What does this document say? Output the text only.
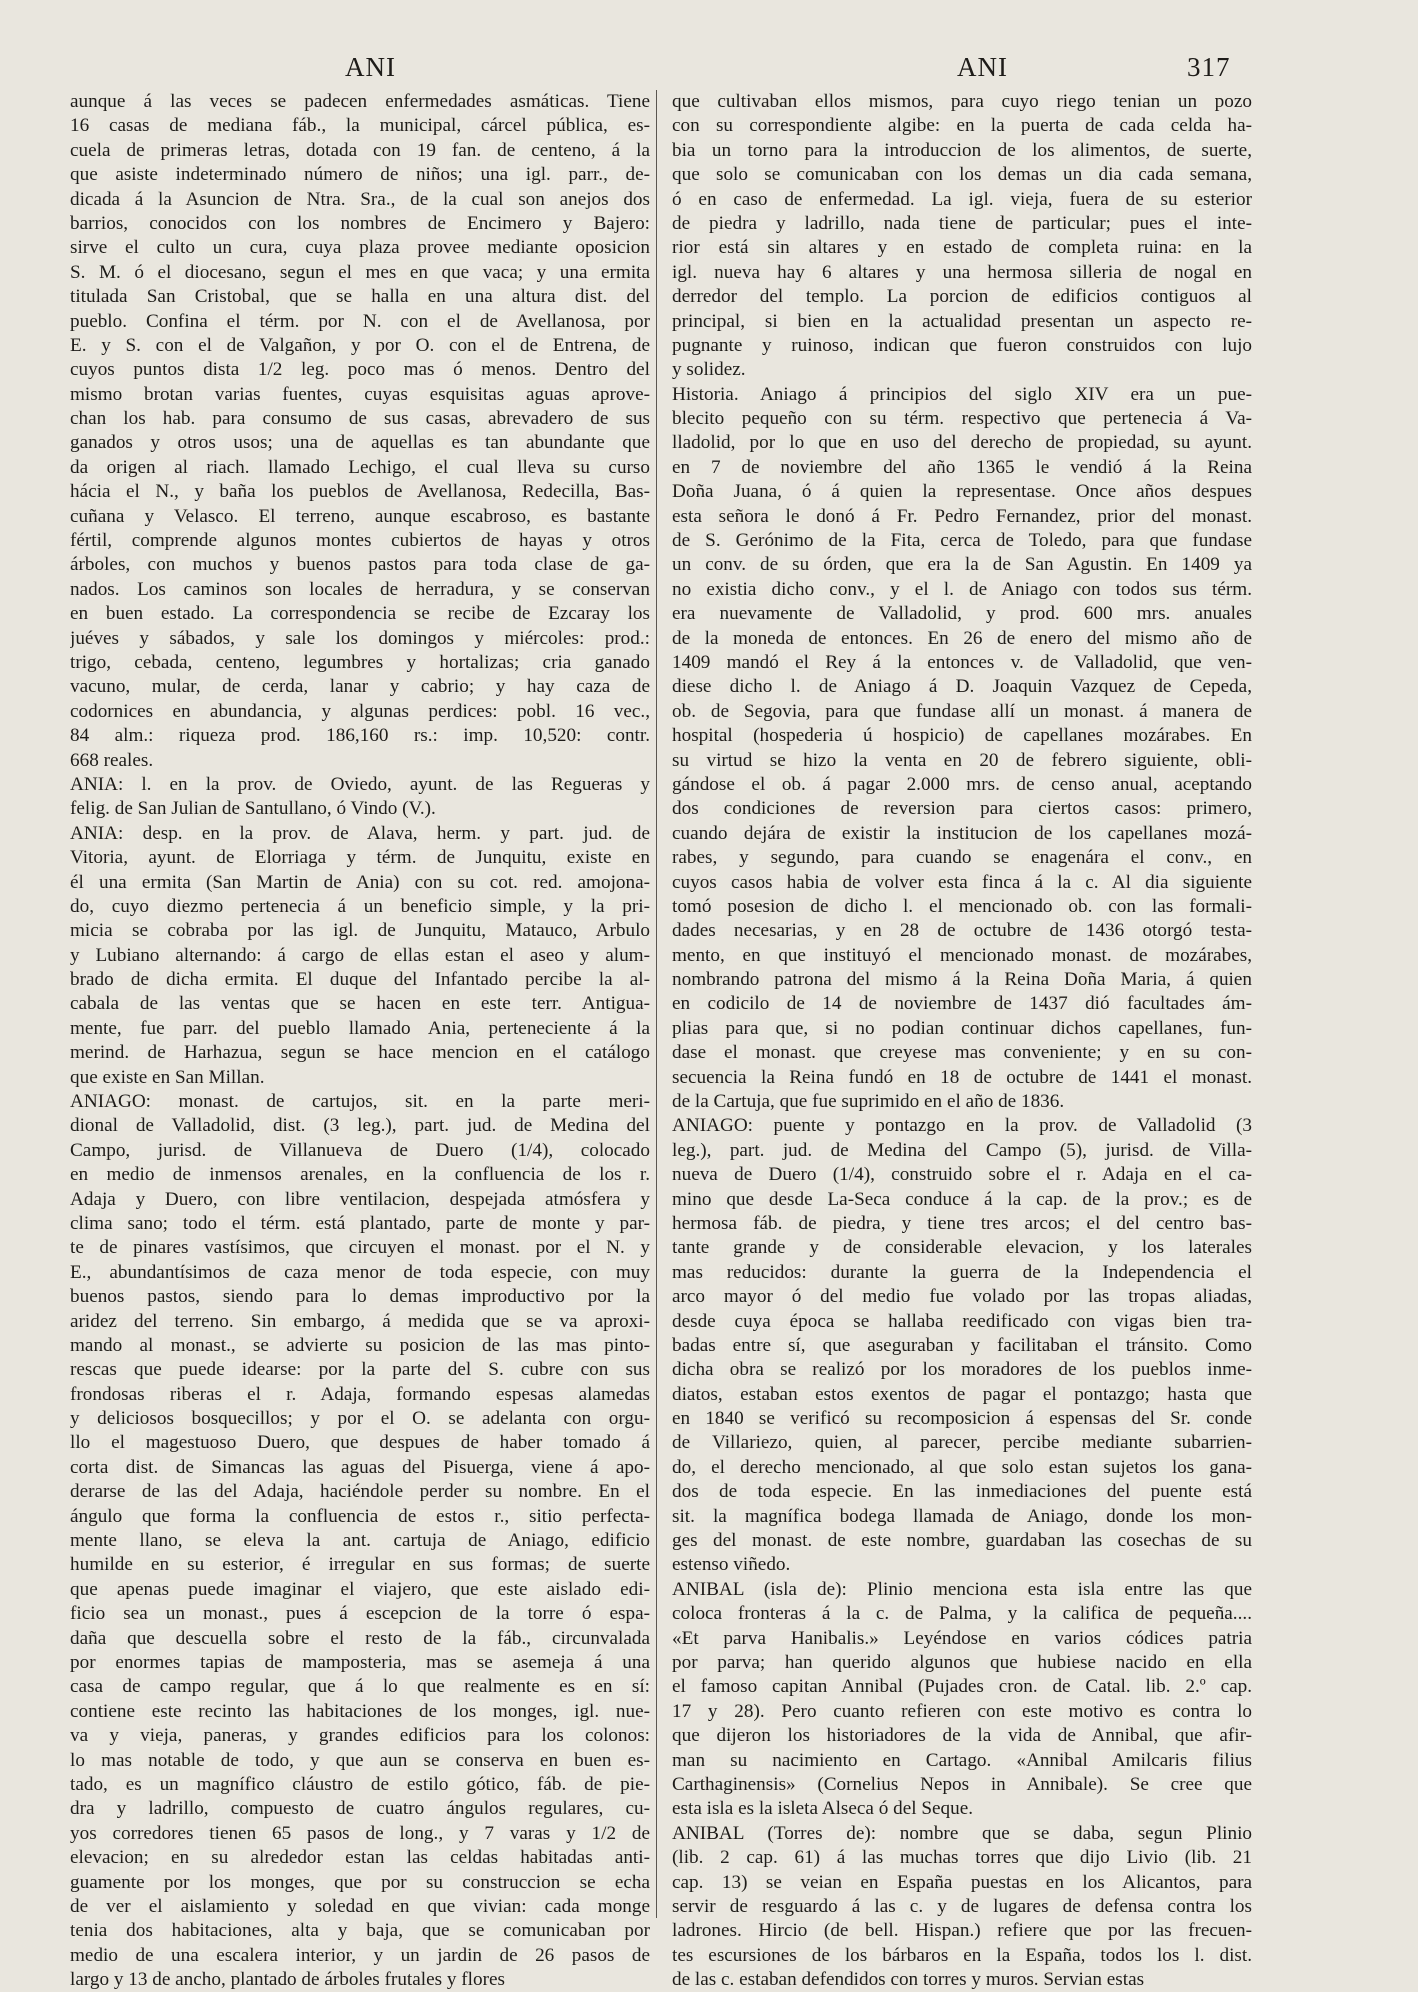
ANI	ANI	317
aunque á las veces se padecen enfermedades asmáticas. Tiene
16 casas de mediana fáb., la municipal, cárcel pública, es-
cuela de primeras letras, dotada con 19 fan. de centeno, á la
que asiste indeterminado número de niños; una igl. parr., de-
dicada á la Asuncion de Ntra. Sra., de la cual son anejos dos
barrios, conocidos con los nombres de Encimero y Bajero:
sirve el culto un cura, cuya plaza provee mediante oposicion
S. M. ó el diocesano, segun el mes en que vaca; y una ermita
titulada San Cristobal, que se halla en una altura dist. del
pueblo. Confina el térm. por N. con el de Avellanosa, por
E. y S. con el de Valgañon, y por O. con el de Entrena, de
cuyos puntos dista 1/2 leg. poco mas ó menos. Dentro del
mismo brotan varias fuentes, cuyas esquisitas aguas aprove-
chan los hab. para consumo de sus casas, abrevadero de sus
ganados y otros usos; una de aquellas es tan abundante que
da origen al riach. llamado Lechigo, el cual lleva su curso
hácia el N., y baña los pueblos de Avellanosa, Redecilla, Bas-
cuñana y Velasco. El terreno, aunque escabroso, es bastante
fértil, comprende algunos montes cubiertos de hayas y otros
árboles, con muchos y buenos pastos para toda clase de ga-
nados. Los caminos son locales de herradura, y se conservan
en buen estado. La correspondencia se recibe de Ezcaray los
juéves y sábados, y sale los domingos y miércoles: prod.:
trigo, cebada, centeno, legumbres y hortalizas; cria ganado
vacuno, mular, de cerda, lanar y cabrio; y hay caza de
codornices en abundancia, y algunas perdices: pobl. 16 vec.,
84 alm.: riqueza prod. 186,160 rs.: imp. 10,520: contr.
668 reales.
ANIA: l. en la prov. de Oviedo, ayunt. de las Regueras y
felig. de San Julian de Santullano, ó Vindo (V.).
ANIA: desp. en la prov. de Alava, herm. y part. jud. de
Vitoria, ayunt. de Elorriaga y térm. de Junquitu, existe en
él una ermita (San Martin de Ania) con su cot. red. amojona-
do, cuyo diezmo pertenecia á un beneficio simple, y la pri-
micia se cobraba por las igl. de Junquitu, Matauco, Arbulo
y Lubiano alternando: á cargo de ellas estan el aseo y alum-
brado de dicha ermita. El duque del Infantado percibe la al-
cabala de las ventas que se hacen en este terr. Antigua-
mente, fue parr. del pueblo llamado Ania, perteneciente á la
merind. de Harhazua, segun se hace mencion en el catálogo
que existe en San Millan.
ANIAGO: monast. de cartujos, sit. en la parte meri-
dional de Valladolid, dist. (3 leg.), part. jud. de Medina del
Campo, jurisd. de Villanueva de Duero (1/4), colocado
en medio de inmensos arenales, en la confluencia de los r.
Adaja y Duero, con libre ventilacion, despejada atmósfera y
clima sano; todo el térm. está plantado, parte de monte y par-
te de pinares vastísimos, que circuyen el monast. por el N. y
E., abundantísimos de caza menor de toda especie, con muy
buenos pastos, siendo para lo demas improductivo por la
aridez del terreno. Sin embargo, á medida que se va aproxi-
mando al monast., se advierte su posicion de las mas pinto-
rescas que puede idearse: por la parte del S. cubre con sus
frondosas riberas el r. Adaja, formando espesas alamedas
y deliciosos bosquecillos; y por el O. se adelanta con orgu-
llo el magestuoso Duero, que despues de haber tomado á
corta dist. de Simancas las aguas del Pisuerga, viene á apo-
derarse de las del Adaja, haciéndole perder su nombre. En el
ángulo que forma la confluencia de estos r., sitio perfecta-
mente llano, se eleva la ant. cartuja de Aniago, edificio
humilde en su esterior, é irregular en sus formas; de suerte
que apenas puede imaginar el viajero, que este aislado edi-
ficio sea un monast., pues á escepcion de la torre ó espa-
daña que descuella sobre el resto de la fáb., circunvalada
por enormes tapias de mamposteria, mas se asemeja á una
casa de campo regular, que á lo que realmente es en sí:
contiene este recinto las habitaciones de los monges, igl. nue-
va y vieja, paneras, y grandes edificios para los colonos:
lo mas notable de todo, y que aun se conserva en buen es-
tado, es un magnífico cláustro de estilo gótico, fáb. de pie-
dra y ladrillo, compuesto de cuatro ángulos regulares, cu-
yos corredores tienen 65 pasos de long., y 7 varas y 1/2 de
elevacion; en su alrededor estan las celdas habitadas anti-
guamente por los monges, que por su construccion se echa
de ver el aislamiento y soledad en que vivian: cada monge
tenia dos habitaciones, alta y baja, que se comunicaban por
medio de una escalera interior, y un jardin de 26 pasos de
largo y 13 de ancho, plantado de árboles frutales y flores
que cultivaban ellos mismos, para cuyo riego tenian un pozo
con su correspondiente algibe: en la puerta de cada celda ha-
bia un torno para la introduccion de los alimentos, de suerte,
que solo se comunicaban con los demas un dia cada semana,
ó en caso de enfermedad. La igl. vieja, fuera de su esterior
de piedra y ladrillo, nada tiene de particular; pues el inte-
rior está sin altares y en estado de completa ruina: en la
igl. nueva hay 6 altares y una hermosa silleria de nogal en
derredor del templo. La porcion de edificios contiguos al
principal, si bien en la actualidad presentan un aspecto re-
pugnante y ruinoso, indican que fueron construidos con lujo
y solidez.
Historia. Aniago á principios del siglo XIV era un pue-
blecito pequeño con su térm. respectivo que pertenecia á Va-
lladolid, por lo que en uso del derecho de propiedad, su ayunt.
en 7 de noviembre del año 1365 le vendió á la Reina
Doña Juana, ó á quien la representase. Once años despues
esta señora le donó á Fr. Pedro Fernandez, prior del monast.
de S. Gerónimo de la Fita, cerca de Toledo, para que fundase
un conv. de su órden, que era la de San Agustin. En 1409 ya
no existia dicho conv., y el l. de Aniago con todos sus térm.
era nuevamente de Valladolid, y prod. 600 mrs. anuales
de la moneda de entonces. En 26 de enero del mismo año de
1409 mandó el Rey á la entonces v. de Valladolid, que ven-
diese dicho l. de Aniago á D. Joaquin Vazquez de Cepeda,
ob. de Segovia, para que fundase allí un monast. á manera de
hospital (hospederia ú hospicio) de capellanes mozárabes. En
su virtud se hizo la venta en 20 de febrero siguiente, obli-
gándose el ob. á pagar 2.000 mrs. de censo anual, aceptando
dos condiciones de reversion para ciertos casos: primero,
cuando dejára de existir la institucion de los capellanes mozá-
rabes, y segundo, para cuando se enagenára el conv., en
cuyos casos habia de volver esta finca á la c. Al dia siguiente
tomó posesion de dicho l. el mencionado ob. con las formali-
dades necesarias, y en 28 de octubre de 1436 otorgó testa-
mento, en que instituyó el mencionado monast. de mozárabes,
nombrando patrona del mismo á la Reina Doña Maria, á quien
en codicilo de 14 de noviembre de 1437 dió facultades ám-
plias para que, si no podian continuar dichos capellanes, fun-
dase el monast. que creyese mas conveniente; y en su con-
secuencia la Reina fundó en 18 de octubre de 1441 el monast.
de la Cartuja, que fue suprimido en el año de 1836.
ANIAGO: puente y pontazgo en la prov. de Valladolid (3
leg.), part. jud. de Medina del Campo (5), jurisd. de Villa-
nueva de Duero (1/4), construido sobre el r. Adaja en el ca-
mino que desde La-Seca conduce á la cap. de la prov.; es de
hermosa fáb. de piedra, y tiene tres arcos; el del centro bas-
tante grande y de considerable elevacion, y los laterales
mas reducidos: durante la guerra de la Independencia el
arco mayor ó del medio fue volado por las tropas aliadas,
desde cuya época se hallaba reedificado con vigas bien tra-
badas entre sí, que aseguraban y facilitaban el tránsito. Como
dicha obra se realizó por los moradores de los pueblos inme-
diatos, estaban estos exentos de pagar el pontazgo; hasta que
en 1840 se verificó su recomposicion á espensas del Sr. conde
de Villariezo, quien, al parecer, percibe mediante subarrien-
do, el derecho mencionado, al que solo estan sujetos los gana-
dos de toda especie. En las inmediaciones del puente está
sit. la magnífica bodega llamada de Aniago, donde los mon-
ges del monast. de este nombre, guardaban las cosechas de su
estenso viñedo.
ANIBAL (isla de): Plinio menciona esta isla entre las que
coloca fronteras á la c. de Palma, y la califica de pequeña....
«Et parva Hanibalis.» Leyéndose en varios códices patria
por parva; han querido algunos que hubiese nacido en ella
el famoso capitan Annibal (Pujades cron. de Catal. lib. 2.º cap.
17 y 28). Pero cuanto refieren con este motivo es contra lo
que dijeron los historiadores de la vida de Annibal, que afir-
man su nacimiento en Cartago. «Annibal Amilcaris filius
Carthaginensis» (Cornelius Nepos in Annibale). Se cree que
esta isla es la isleta Alseca ó del Seque.
ANIBAL (Torres de): nombre que se daba, segun Plinio
(lib. 2 cap. 61) á las muchas torres que dijo Livio (lib. 21
cap. 13) se veian en España puestas en los Alicantos, para
servir de resguardo á las c. y de lugares de defensa contra los
ladrones. Hircio (de bell. Hispan.) refiere que por las frecuen-
tes escursiones de los bárbaros en la España, todos los l. dist.
de las c. estaban defendidos con torres y muros. Servian estas
